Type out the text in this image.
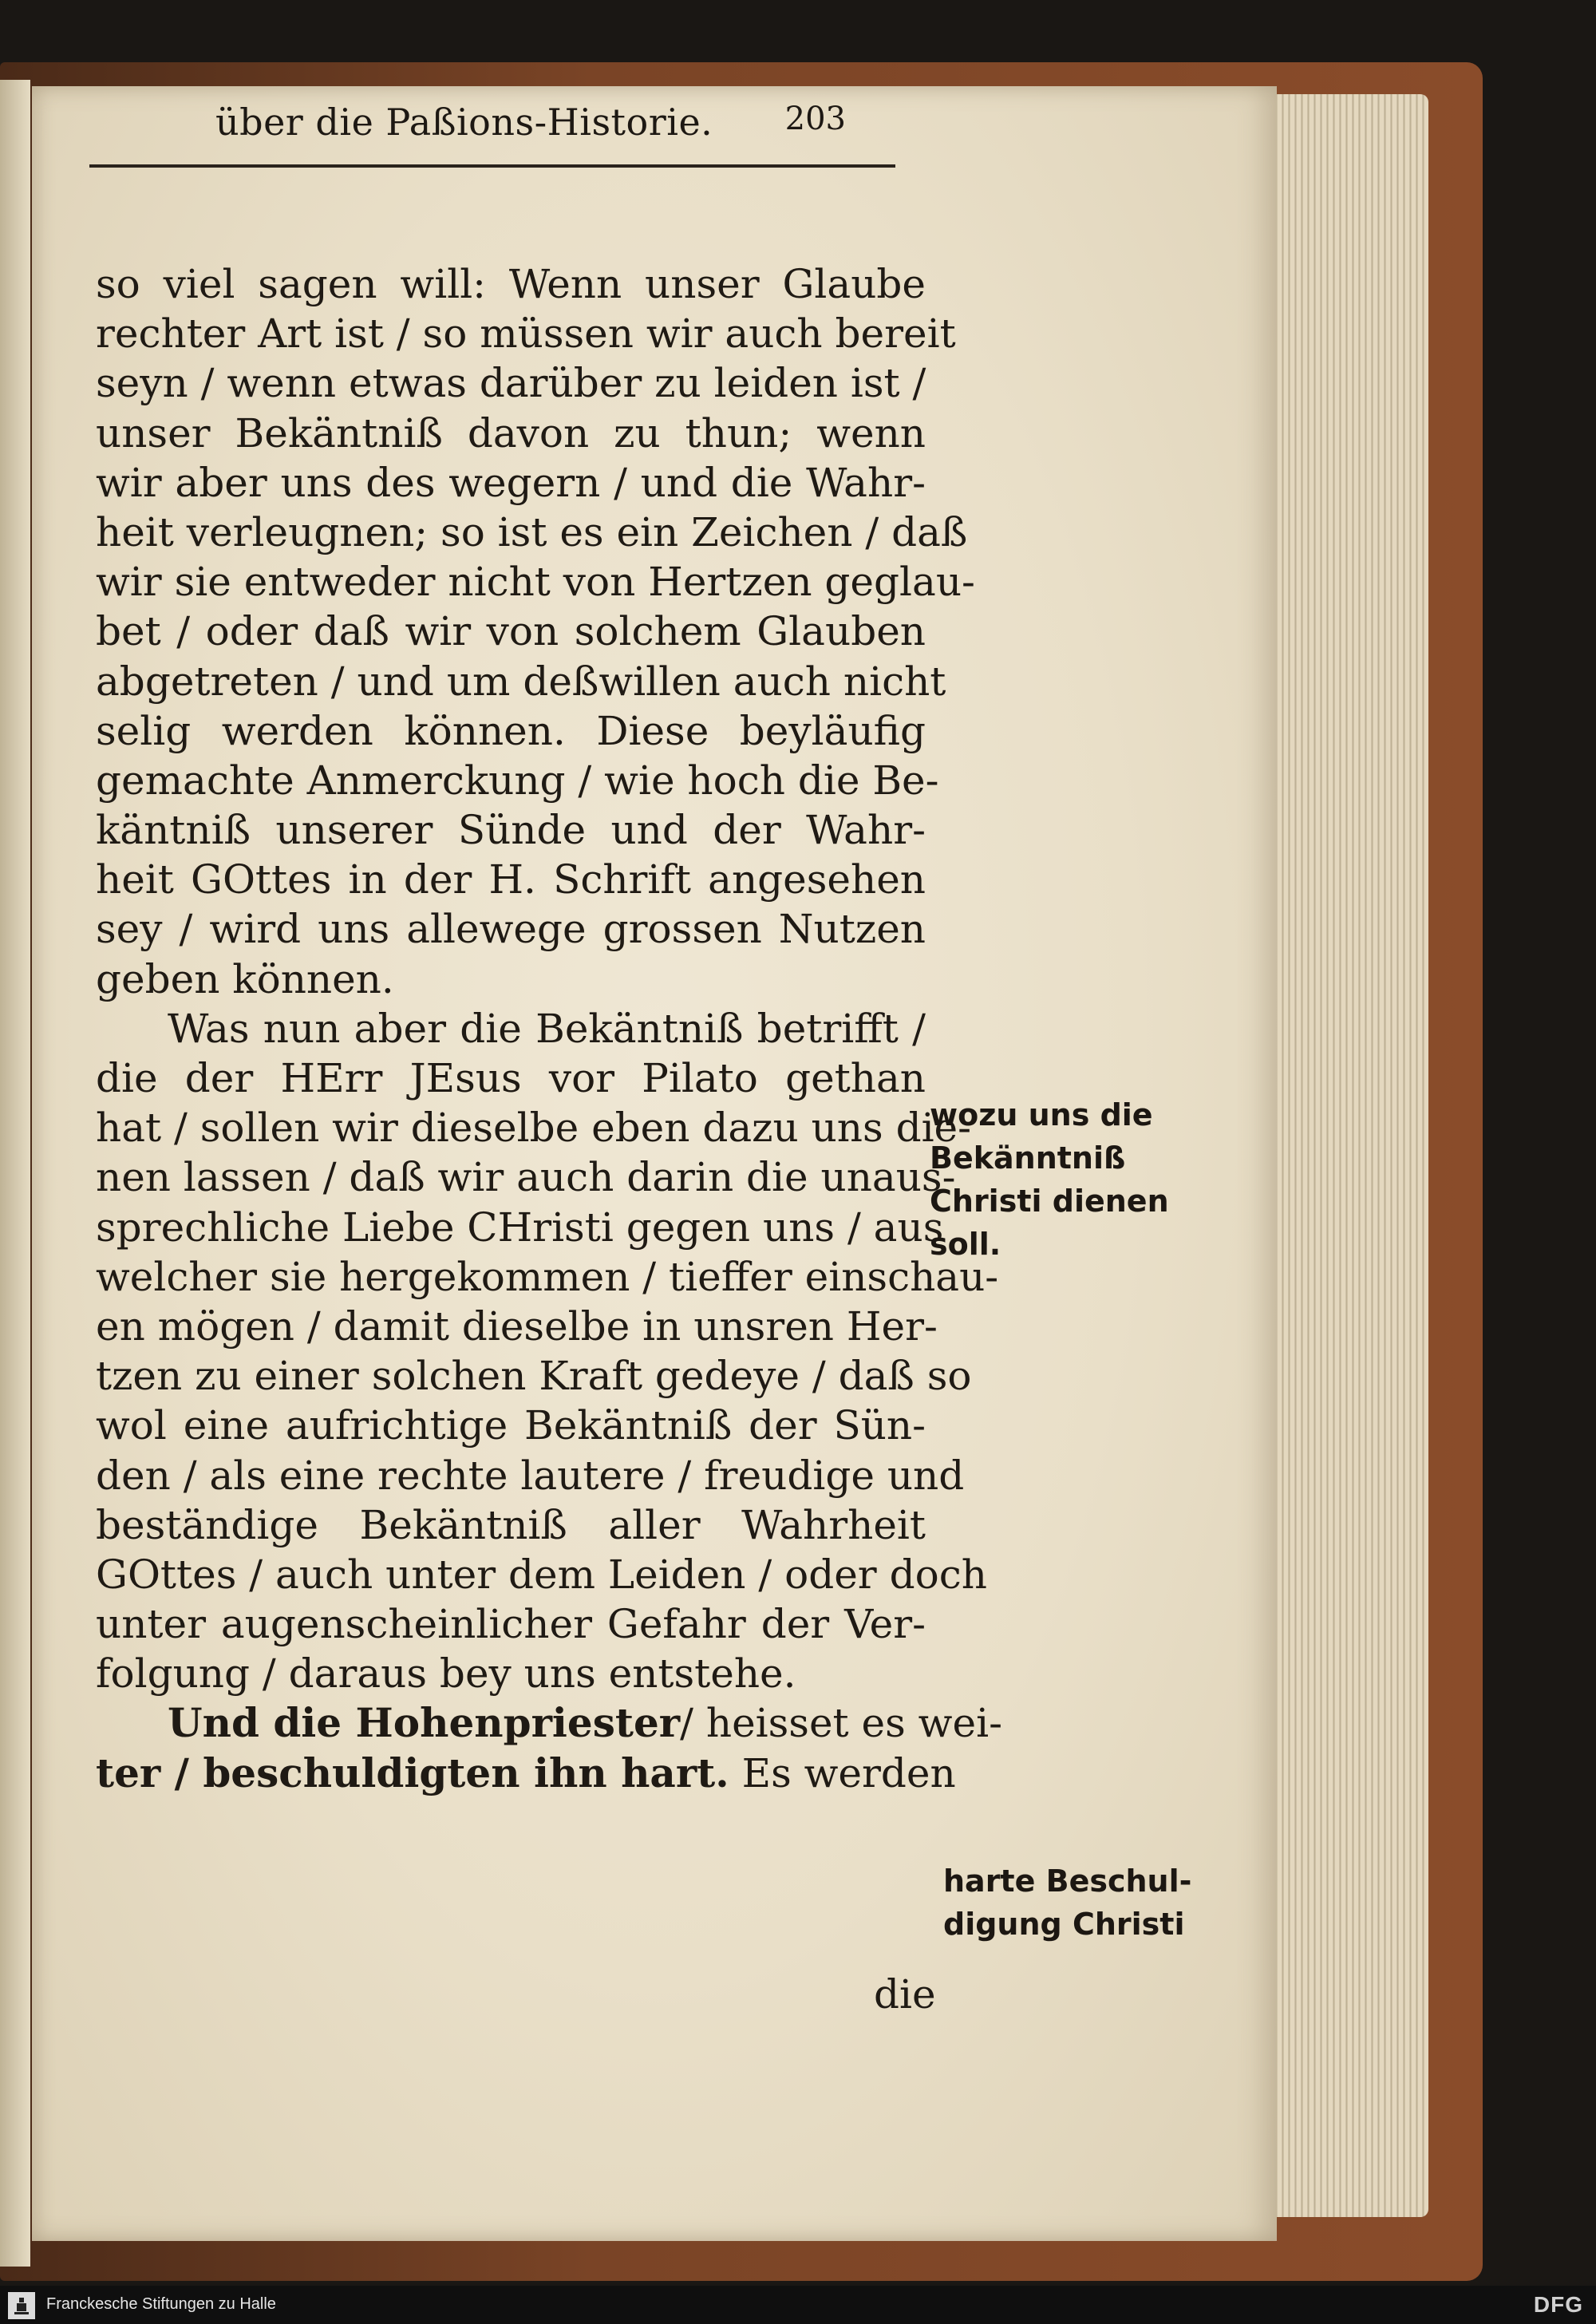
über die Paßions-Historie. 203
so viel sagen will: Wenn unser Glaube
rechter Art ist / so müssen wir auch bereit
seyn / wenn etwas darüber zu leiden ist /
unser Bekäntniß davon zu thun; wenn
wir aber uns des wegern / und die Wahr-
heit verleugnen; so ist es ein Zeichen / daß
wir sie entweder nicht von Hertzen geglau-
bet / oder daß wir von solchem Glauben
abgetreten / und um deßwillen auch nicht
selig werden können. Diese beyläufig
gemachte Anmerckung / wie hoch die Be-
käntniß unserer Sünde und der Wahr-
heit GOttes in der H. Schrift angesehen
sey / wird uns allewege grossen Nutzen
geben können.
Was nun aber die Bekäntniß betrifft /
die der HErr JEsus vor Pilato gethan
hat / sollen wir dieselbe eben dazu uns die-
nen lassen / daß wir auch darin die unaus-
sprechliche Liebe CHristi gegen uns / aus
welcher sie hergekommen / tieffer einschau-
en mögen / damit dieselbe in unsren Her-
tzen zu einer solchen Kraft gedeye / daß so
wol eine aufrichtige Bekäntniß der Sün-
den / als eine rechte lautere / freudige und
beständige Bekäntniß aller Wahrheit
GOttes / auch unter dem Leiden / oder doch
unter augenscheinlicher Gefahr der Ver-
folgung / daraus bey uns entstehe.
Und die Hohenpriester/ heisset es wei-
ter / beschuldigten ihn hart. Es werden
die
wozu uns die
Bekänntniß
Christi dienen
soll.
harte Beschul-
digung Christi
Franckesche Stiftungen zu Halle	DFG
